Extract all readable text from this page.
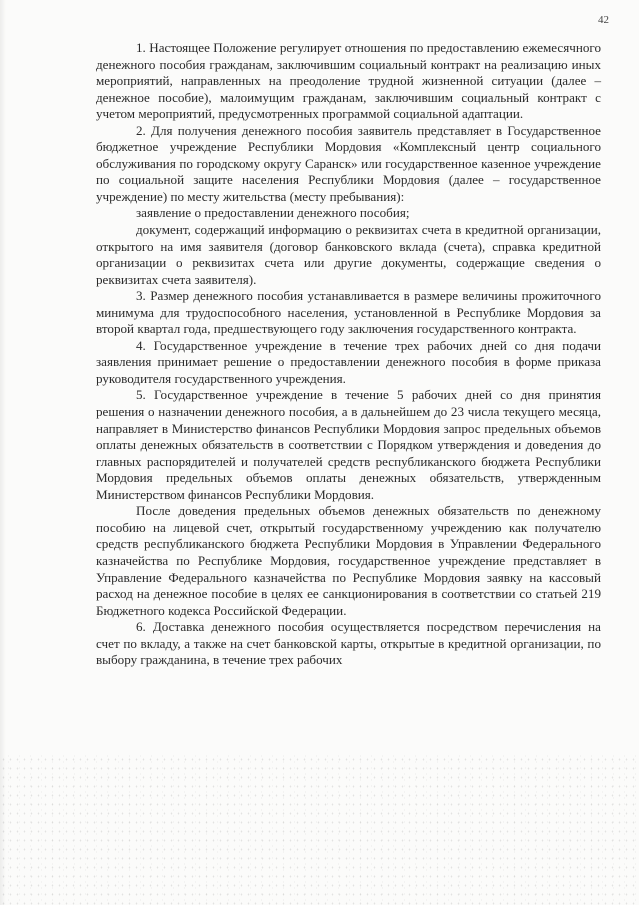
42

1. Настоящее Положение регулирует отношения по предоставлению ежемесячного денежного пособия гражданам, заключившим социальный контракт на реализацию иных мероприятий, направленных на преодоление трудной жизненной ситуации (далее – денежное пособие), малоимущим гражданам, заключившим социальный контракт с учетом мероприятий, предусмотренных программой социальной адаптации.

2. Для получения денежного пособия заявитель представляет в Государственное бюджетное учреждение Республики Мордовия «Комплексный центр социального обслуживания по городскому округу Саранск» или государственное казенное учреждение по социальной защите населения Республики Мордовия (далее – государственное учреждение) по месту жительства (месту пребывания):

заявление о предоставлении денежного пособия;

документ, содержащий информацию о реквизитах счета в кредитной организации, открытого на имя заявителя (договор банковского вклада (счета), справка кредитной организации о реквизитах счета или другие документы, содержащие сведения о реквизитах счета заявителя).

3. Размер денежного пособия устанавливается в размере величины прожиточного минимума для трудоспособного населения, установленной в Республике Мордовия за второй квартал года, предшествующего году заключения государственного контракта.

4. Государственное учреждение в течение трех рабочих дней со дня подачи заявления принимает решение о предоставлении денежного пособия в форме приказа руководителя государственного учреждения.

5. Государственное учреждение в течение 5 рабочих дней со дня принятия решения о назначении денежного пособия, а в дальнейшем до 23 числа текущего месяца, направляет в Министерство финансов Республики Мордовия запрос предельных объемов оплаты денежных обязательств в соответствии с Порядком утверждения и доведения до главных распорядителей и получателей средств республиканского бюджета Республики Мордовия предельных объемов оплаты денежных обязательств, утвержденным Министерством финансов Республики Мордовия.

После доведения предельных объемов денежных обязательств по денежному пособию на лицевой счет, открытый государственному учреждению как получателю средств республиканского бюджета Республики Мордовия в Управлении Федерального казначейства по Республике Мордовия, государственное учреждение представляет в Управление Федерального казначейства по Республике Мордовия заявку на кассовый расход на денежное пособие в целях ее санкционирования в соответствии со статьей 219 Бюджетного кодекса Российской Федерации.

6. Доставка денежного пособия осуществляется посредством перечисления на счет по вкладу, а также на счет банковской карты, открытые в кредитной организации, по выбору гражданина, в течение трех рабочих
